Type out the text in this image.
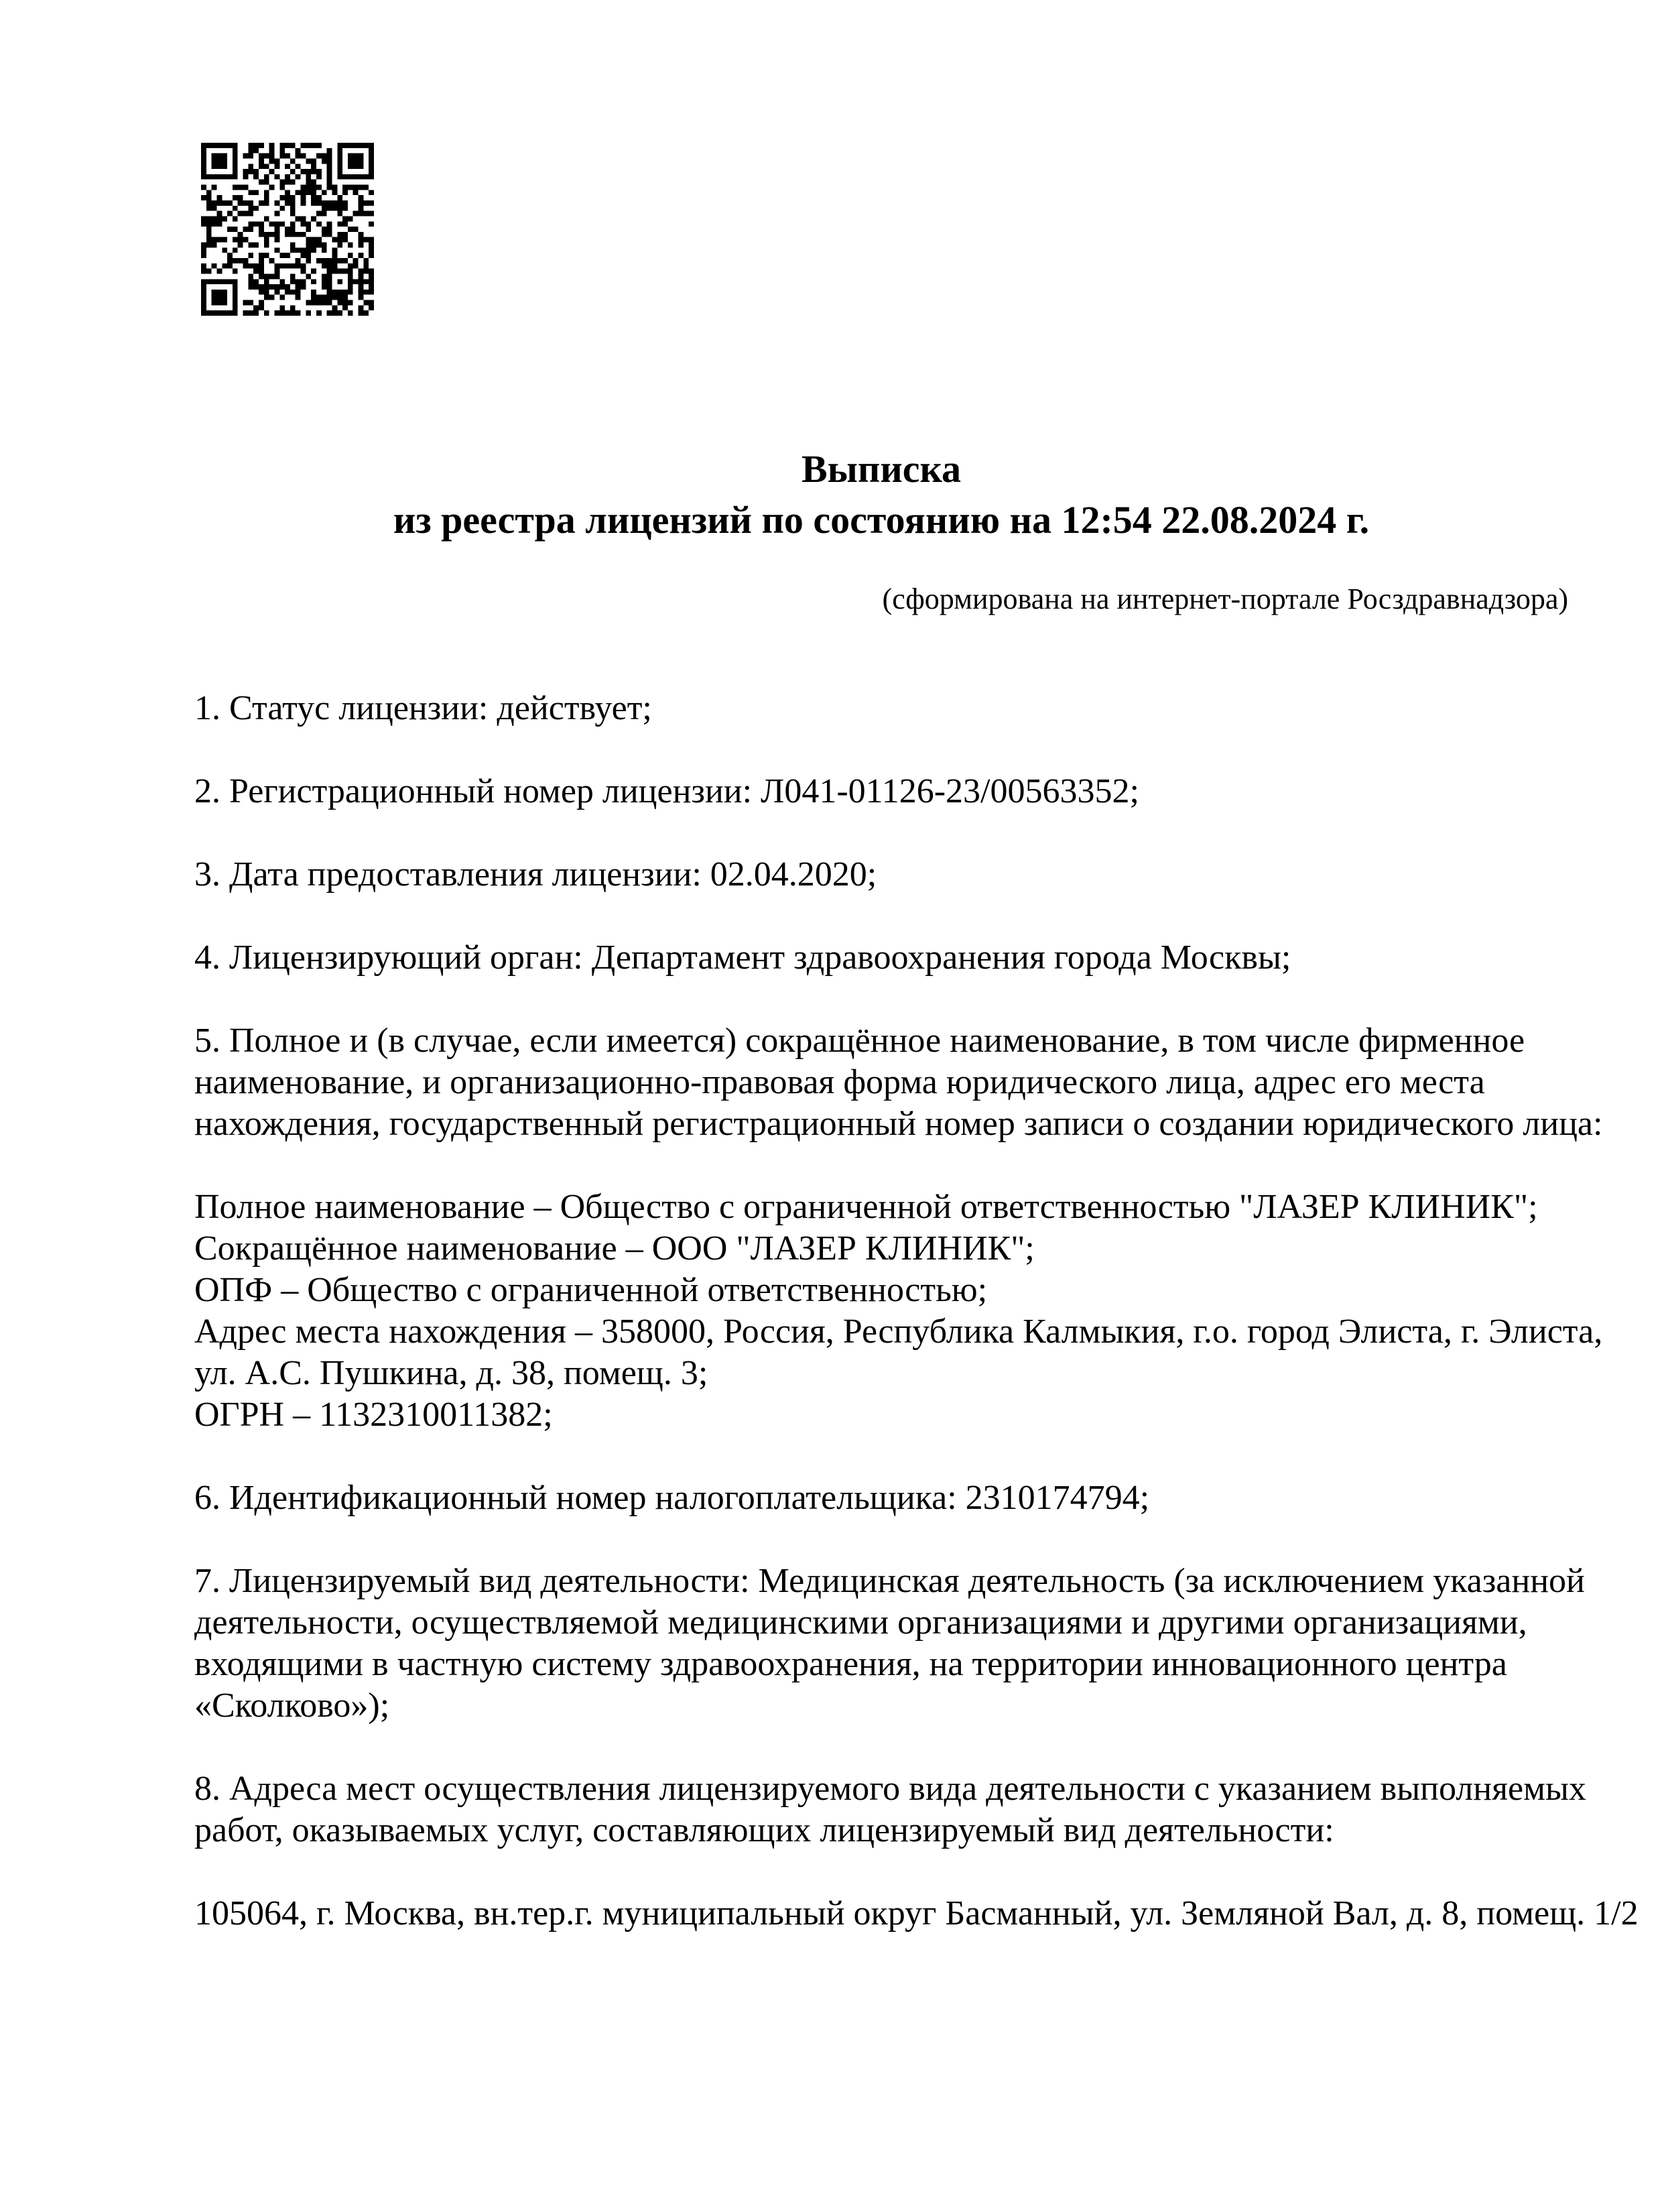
Выписка
из реестра лицензий по состоянию на 12:54 22.08.2024 г.
(сформирована на интернет-портале Росздравнадзора)
1. Статус лицензии: действует;
2. Регистрационный номер лицензии: Л041-01126-23/00563352;
3. Дата предоставления лицензии: 02.04.2020;
4. Лицензирующий орган: Департамент здравоохранения города Москвы;
5. Полное и (в случае, если имеется) сокращённое наименование, в том числе фирменное
наименование, и организационно-правовая форма юридического лица, адрес его места
нахождения, государственный регистрационный номер записи о создании юридического лица:
Полное наименование – Общество с ограниченной ответственностью "ЛАЗЕР КЛИНИК";
Сокращённое наименование – ООО "ЛАЗЕР КЛИНИК";
ОПФ – Общество с ограниченной ответственностью;
Адрес места нахождения – 358000, Россия, Республика Калмыкия, г.о. город Элиста, г. Элиста,
ул. А.С. Пушкина, д. 38, помещ. 3;
ОГРН – 1132310011382;
6. Идентификационный номер налогоплательщика: 2310174794;
7. Лицензируемый вид деятельности: Медицинская деятельность (за исключением указанной
деятельности, осуществляемой медицинскими организациями и другими организациями,
входящими в частную систему здравоохранения, на территории инновационного центра
«Сколково»);
8. Адреса мест осуществления лицензируемого вида деятельности с указанием выполняемых
работ, оказываемых услуг, составляющих лицензируемый вид деятельности:
105064, г. Москва, вн.тер.г. муниципальный округ Басманный, ул. Земляной Вал, д. 8, помещ. 1/2
